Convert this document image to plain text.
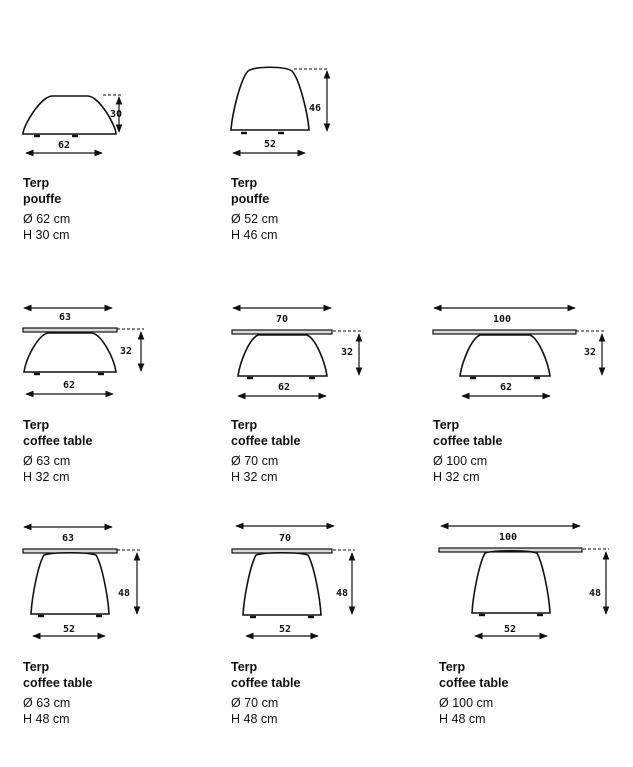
30
62
46
52
63
32
62
70
32
62
100
32
62
63
48
52
70
48
52
100
48
52
Terp
pouffe
Ø 62 cm
H 30 cm
Terp
pouffe
Ø 52 cm
H 46 cm
Terp
coffee table
Ø 63 cm
H 32 cm
Terp
coffee table
Ø 70 cm
H 32 cm
Terp
coffee table
Ø 100 cm
H 32 cm
Terp
coffee table
Ø 63 cm
H 48 cm
Terp
coffee table
Ø 70 cm
H 48 cm
Terp
coffee table
Ø 100 cm
H 48 cm
